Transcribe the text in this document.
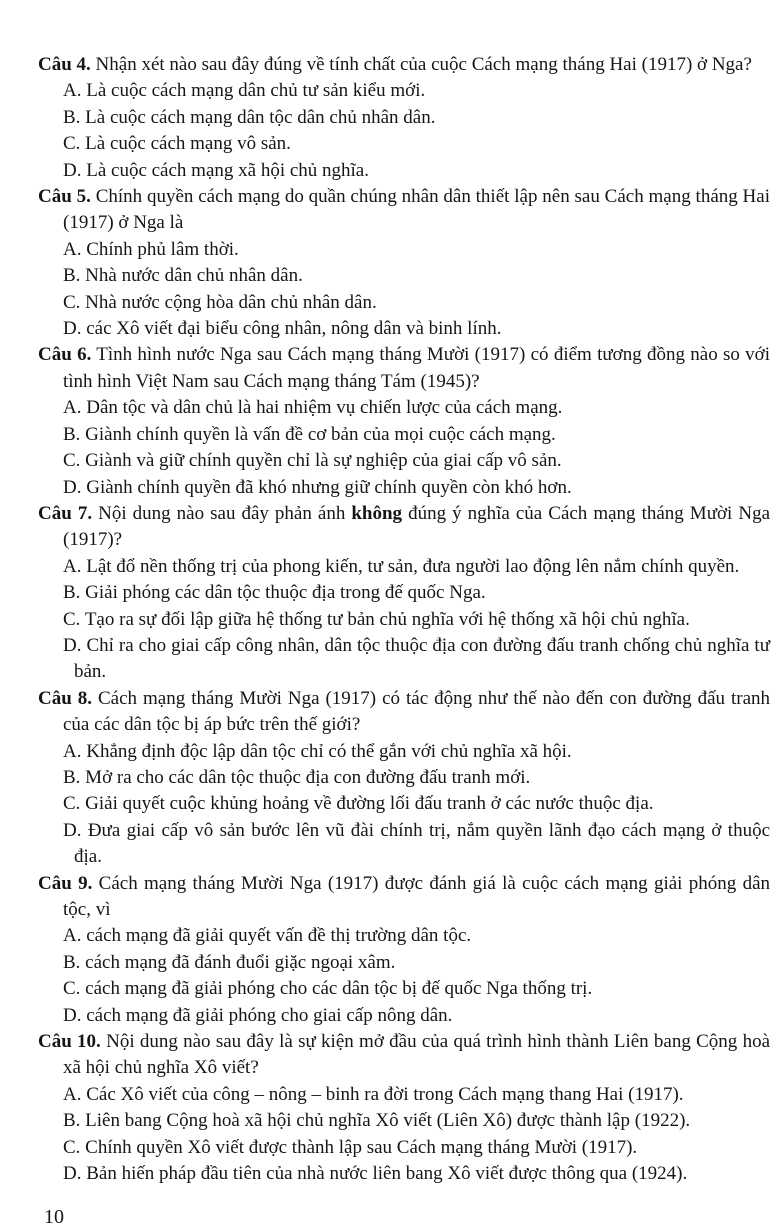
Câu 4. Nhận xét nào sau đây đúng về tính chất của cuộc Cách mạng tháng Hai (1917) ở Nga?

A. Là cuộc cách mạng dân chủ tư sản kiểu mới.

B. Là cuộc cách mạng dân tộc dân chủ nhân dân.

C. Là cuộc cách mạng vô sản.

D. Là cuộc cách mạng xã hội chủ nghĩa.

Câu 5. Chính quyền cách mạng do quần chúng nhân dân thiết lập nên sau Cách mạng tháng Hai (1917) ở Nga là

A. Chính phủ lâm thời.

B. Nhà nước dân chủ nhân dân.

C. Nhà nước cộng hòa dân chủ nhân dân.

D. các Xô viết đại biểu công nhân, nông dân và binh lính.

Câu 6. Tình hình nước Nga sau Cách mạng tháng Mười (1917) có điểm tương đồng nào so với tình hình Việt Nam sau Cách mạng tháng Tám (1945)?

A. Dân tộc và dân chủ là hai nhiệm vụ chiến lược của cách mạng.

B. Giành chính quyền là vấn đề cơ bản của mọi cuộc cách mạng.

C. Giành và giữ chính quyền chỉ là sự nghiệp của giai cấp vô sản.

D. Giành chính quyền đã khó nhưng giữ chính quyền còn khó hơn.

Câu 7. Nội dung nào sau đây phản ánh không đúng ý nghĩa của Cách mạng tháng Mười Nga (1917)?

A. Lật đổ nền thống trị của phong kiến, tư sản, đưa người lao động lên nắm chính quyền.

B. Giải phóng các dân tộc thuộc địa trong đế quốc Nga.

C. Tạo ra sự đối lập giữa hệ thống tư bản chủ nghĩa với hệ thống xã hội chủ nghĩa.

D. Chỉ ra cho giai cấp công nhân, dân tộc thuộc địa con đường đấu tranh chống chủ nghĩa tư bản.

Câu 8. Cách mạng tháng Mười Nga (1917) có tác động như thế nào đến con đường đấu tranh của các dân tộc bị áp bức trên thế giới?

A. Khẳng định độc lập dân tộc chỉ có thể gắn với chủ nghĩa xã hội.

B. Mở ra cho các dân tộc thuộc địa con đường đấu tranh mới.

C. Giải quyết cuộc khủng hoảng về đường lối đấu tranh ở các nước thuộc địa.

D. Đưa giai cấp vô sản bước lên vũ đài chính trị, nắm quyền lãnh đạo cách mạng ở thuộc địa.

Câu 9. Cách mạng tháng Mười Nga (1917) được đánh giá là cuộc cách mạng giải phóng dân tộc, vì

A. cách mạng đã giải quyết vấn đề thị trường dân tộc.

B. cách mạng đã đánh đuổi giặc ngoại xâm.

C. cách mạng đã giải phóng cho các dân tộc bị đế quốc Nga thống trị.

D. cách mạng đã giải phóng cho giai cấp nông dân.

Câu 10. Nội dung nào sau đây là sự kiện mở đầu của quá trình hình thành Liên bang Cộng hoà xã hội chủ nghĩa Xô viết?

A. Các Xô viết của công – nông – binh ra đời trong Cách mạng thang Hai (1917).

B. Liên bang Cộng hoà xã hội chủ nghĩa Xô viết (Liên Xô) được thành lập (1922).

C. Chính quyền Xô viết được thành lập sau Cách mạng tháng Mười (1917).

D. Bản hiến pháp đầu tiên của nhà nước liên bang Xô viết được thông qua (1924).

10
